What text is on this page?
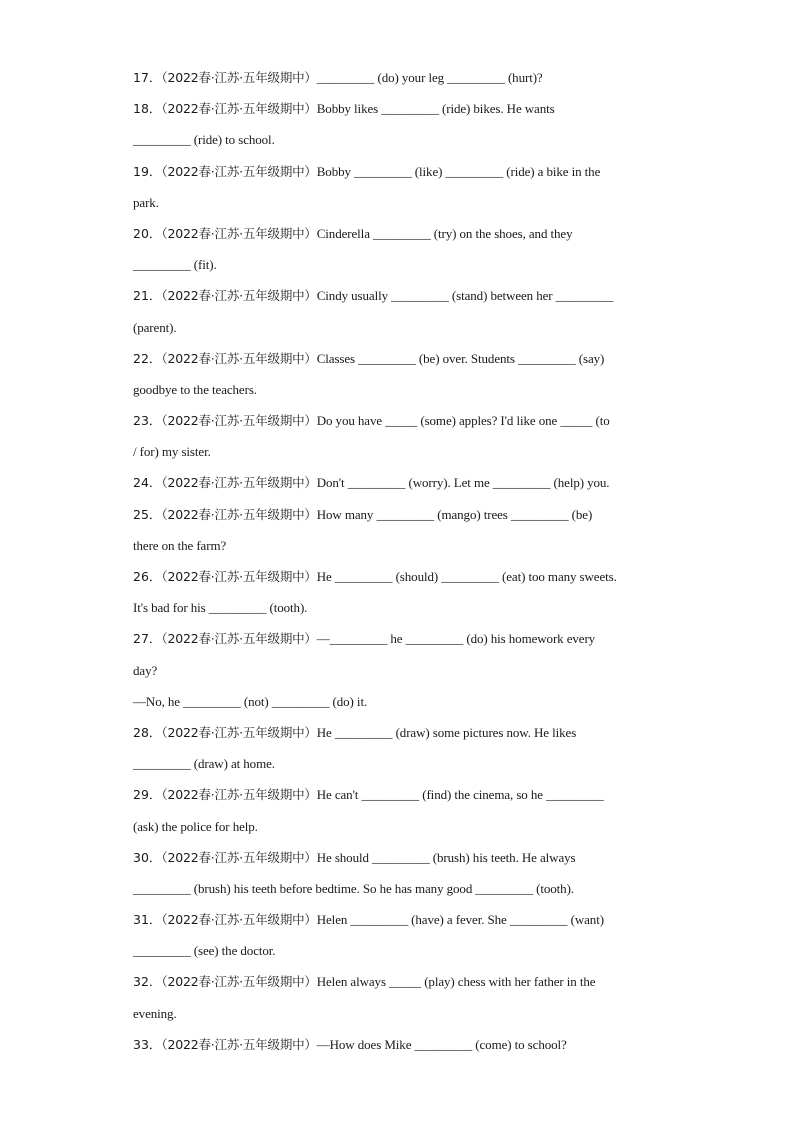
17．（2022春·江苏·五年级期中）_________ (do) your leg _________ (hurt)?
18．（2022春·江苏·五年级期中）Bobby likes _________ (ride) bikes. He wants
_________ (ride) to school.
19．（2022春·江苏·五年级期中）Bobby _________ (like) _________ (ride) a bike in the
park.
20．（2022春·江苏·五年级期中）Cinderella _________ (try) on the shoes, and they
_________ (fit).
21．（2022春·江苏·五年级期中）Cindy usually _________ (stand) between her _________
(parent).
22．（2022春·江苏·五年级期中）Classes _________ (be) over. Students _________ (say)
goodbye to the teachers.
23．（2022春·江苏·五年级期中）Do you have _____ (some) apples? I'd like one _____ (to
/ for) my sister.
24．（2022春·江苏·五年级期中）Don't _________ (worry). Let me _________ (help) you.
25．（2022春·江苏·五年级期中）How many _________ (mango) trees _________ (be)
there on the farm?
26．（2022春·江苏·五年级期中）He _________ (should) _________ (eat) too many sweets.
It's bad for his _________ (tooth).
27．（2022春·江苏·五年级期中）—_________ he _________ (do) his homework every
day?
—No, he _________ (not) _________ (do) it.
28．（2022春·江苏·五年级期中）He _________ (draw) some pictures now. He likes
_________ (draw) at home.
29．（2022春·江苏·五年级期中）He can't _________ (find) the cinema, so he _________
(ask) the police for help.
30．（2022春·江苏·五年级期中）He should _________ (brush) his teeth. He always
_________ (brush) his teeth before bedtime. So he has many good _________ (tooth).
31．（2022春·江苏·五年级期中）Helen _________ (have) a fever. She _________ (want)
_________ (see) the doctor.
32．（2022春·江苏·五年级期中）Helen always _____ (play) chess with her father in the
evening.
33．（2022春·江苏·五年级期中）—How does Mike _________ (come) to school?
